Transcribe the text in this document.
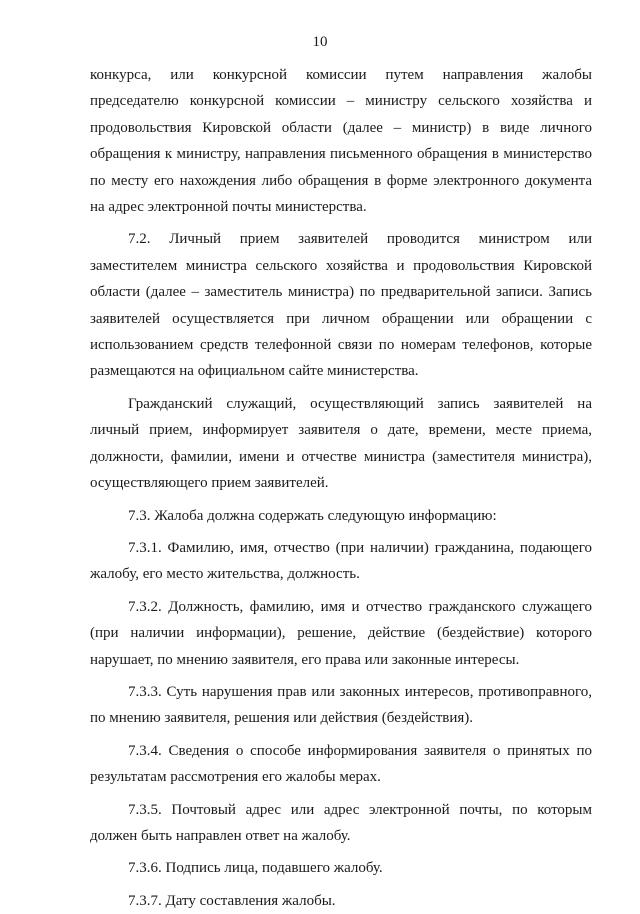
10

конкурса, или конкурсной комиссии путем направления жалобы председателю конкурсной комиссии – министру сельского хозяйства и продовольствия Кировской области (далее – министр) в виде личного обращения к министру, направления письменного обращения в министерство по месту его нахождения либо обращения в форме электронного документа на адрес электронной почты министерства.

7.2. Личный прием заявителей проводится министром или заместителем министра сельского хозяйства и продовольствия Кировской области (далее – заместитель министра) по предварительной записи. Запись заявителей осуществляется при личном обращении или обращении с использованием средств телефонной связи по номерам телефонов, которые размещаются на официальном сайте министерства.

Гражданский служащий, осуществляющий запись заявителей на личный прием, информирует заявителя о дате, времени, месте приема, должности, фамилии, имени и отчестве министра (заместителя министра), осуществляющего прием заявителей.

7.3. Жалоба должна содержать следующую информацию:

7.3.1. Фамилию, имя, отчество (при наличии) гражданина, подающего жалобу, его место жительства, должность.

7.3.2. Должность, фамилию, имя и отчество гражданского служащего (при наличии информации), решение, действие (бездействие) которого нарушает, по мнению заявителя, его права или законные интересы.

7.3.3. Суть нарушения прав или законных интересов, противоправного, по мнению заявителя, решения или действия (бездействия).

7.3.4. Сведения о способе информирования заявителя о принятых по результатам рассмотрения его жалобы мерах.

7.3.5. Почтовый адрес или адрес электронной почты, по которым должен быть направлен ответ на жалобу.

7.3.6. Подпись лица, подавшего жалобу.

7.3.7. Дату составления жалобы.
